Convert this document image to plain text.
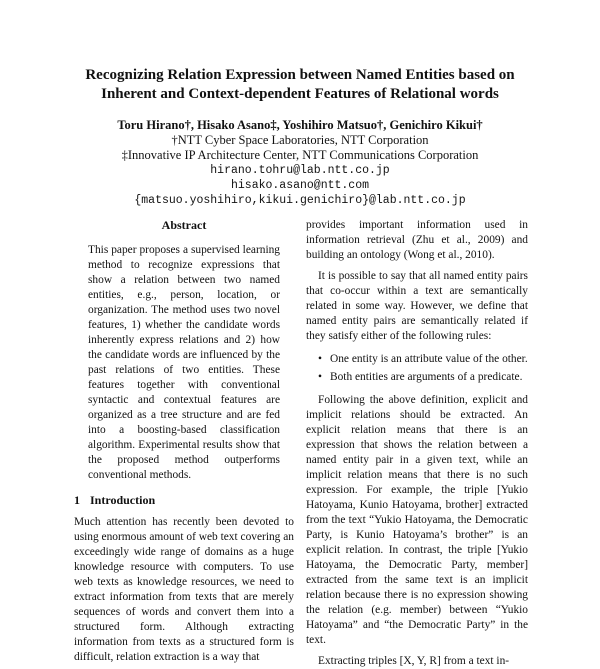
Recognizing Relation Expression between Named Entities based on
Inherent and Context-dependent Features of Relational words
Toru Hirano†, Hisako Asano‡, Yoshihiro Matsuo†, Genichiro Kikui†
†NTT Cyber Space Laboratories, NTT Corporation
‡Innovative IP Architecture Center, NTT Communications Corporation
hirano.tohru@lab.ntt.co.jp
hisako.asano@ntt.com
{matsuo.yoshihiro,kikui.genichiro}@lab.ntt.co.jp
Abstract

This paper proposes a supervised learning method to recognize expressions that show a relation between two named entities, e.g., person, location, or organization. The method uses two novel features, 1) whether the candidate words inherently express relations and 2) how the candidate words are influenced by the past relations of two entities. These features together with conventional syntactic and contextual features are organized as a tree structure and are fed into a boosting-based classification algorithm. Experimental results show that the proposed method outperforms conventional methods.

1 Introduction

Much attention has recently been devoted to using enormous amount of web text covering an exceedingly wide range of domains as a huge knowledge resource with computers. To use web texts as knowledge resources, we need to extract information from texts that are merely sequences of words and convert them into a structured form. Although extracting information from texts as a structured form is difficult, relation extraction is a way that

provides important information used in information retrieval (Zhu et al., 2009) and building an ontology (Wong et al., 2010).

It is possible to say that all named entity pairs that co-occur within a text are semantically related in some way. However, we define that named entity pairs are semantically related if they satisfy either of the following rules:

• One entity is an attribute value of the other.
• Both entities are arguments of a predicate.

Following the above definition, explicit and implicit relations should be extracted. An explicit relation means that there is an expression that shows the relation between a named entity pair in a given text, while an implicit relation means that there is no such expression. For example, the triple [Yukio Hatoyama, Kunio Hatoyama, brother] extracted from the text “Yukio Hatoyama, the Democratic Party, is Kunio Hatoyama’s brother” is an explicit relation. In contrast, the triple [Yukio Hatoyama, the Democratic Party, member] extracted from the same text is an implicit relation because there is no expression showing the relation (e.g. member) between “Yukio Hatoyama” and “the Democratic Party” in the text.

Extracting triples [X, Y, R] from a text in-
